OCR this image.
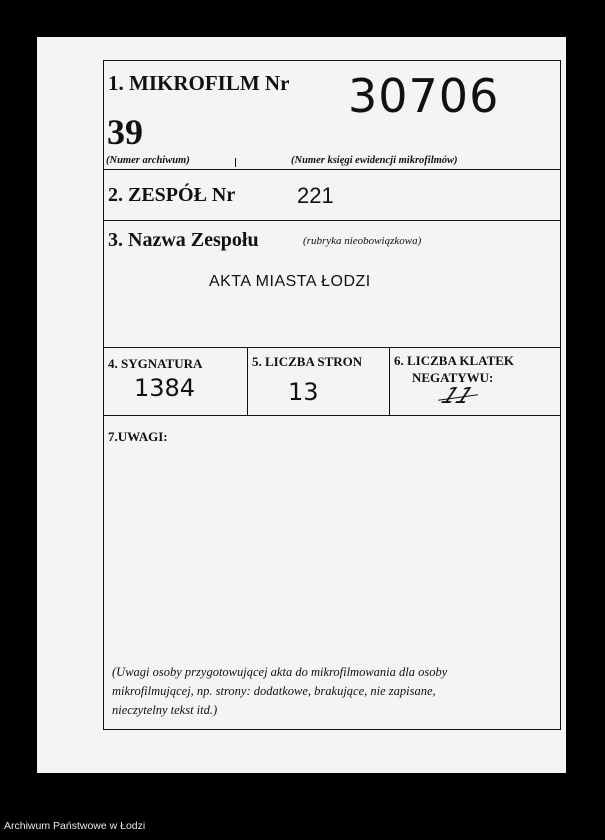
1. MIKROFILM Nr
39
30706
(Numer archiwum)	(Numer księgi ewidencji mikrofilmów)
2. ZESPÓŁ Nr	221
3. Nazwa Zespołu	(rubryka nieobowiązkowa)
AKTA MIASTA ŁODZI
4. SYGNATURA
1384
5. LICZBA STRON
13
6. LICZBA KLATEK
NEGATYWU:
11
7.UWAGI:
(Uwagi osoby przygotowującej akta do mikrofilmowania dla osoby
mikrofilmującej, np. strony: dodatkowe, brakujące, nie zapisane,
nieczytelny tekst itd.)
Archiwum Państwowe w Łodzi
